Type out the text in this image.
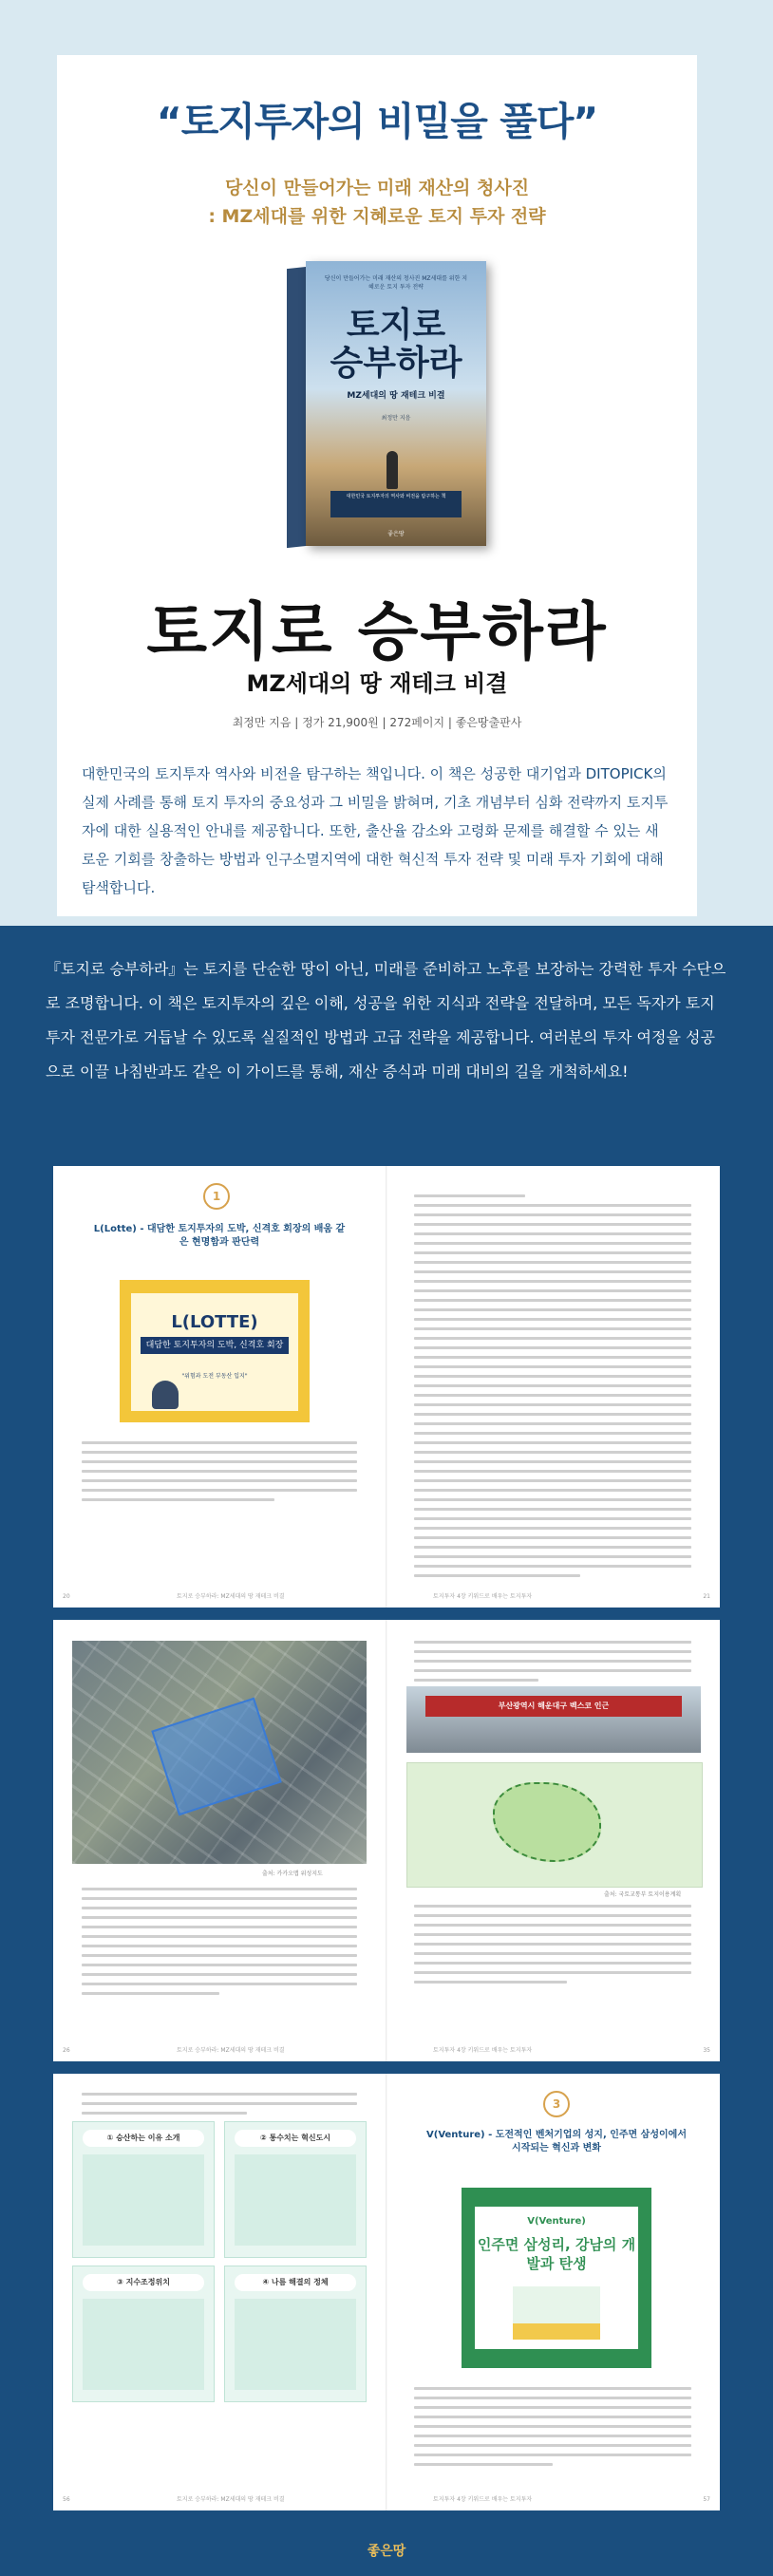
“토지투자의 비밀을 풀다”
당신이 만들어가는 미래 재산의 청사진
: MZ세대를 위한 지혜로운 토지 투자 전략
당신이 만들어가는 미래 재산의 청사진 MZ세대를 위한 지혜로운 토지 투자 전략
토지로
승부하라
MZ세대의 땅 재테크 비결
최정만 지음
대한민국 토지투자의 역사와 비전을 탐구하는 책
좋은땅
토지로 승부하라
MZ세대의 땅 재테크 비결
최정만 지음 | 정가 21,900원 | 272페이지 | 좋은땅출판사
대한민국의 토지투자 역사와 비전을 탐구하는 책입니다. 이 책은 성공한 대기업과 DITOPICK의 실제 사례를 통해 토지 투자의 중요성과 그 비밀을 밝혀며, 기초 개념부터 심화 전략까지 토지투자에 대한 실용적인 안내를 제공합니다. 또한, 출산율 감소와 고령화 문제를 해결할 수 있는 새로운 기회를 창출하는 방법과 인구소멸지역에 대한 혁신적 투자 전략 및 미래 투자 기회에 대해 탐색합니다.
『토지로 승부하라』는 토지를 단순한 땅이 아닌, 미래를 준비하고 노후를 보장하는 강력한 투자 수단으로 조명합니다. 이 책은 토지투자의 깊은 이해, 성공을 위한 지식과 전략을 전달하며, 모든 독자가 토지투자 전문가로 거듭날 수 있도록 실질적인 방법과 고급 전략을 제공합니다. 여러분의 투자 여정을 성공으로 이끌 나침반과도 같은 이 가이드를 통해, 재산 증식과 미래 대비의 길을 개척하세요!
1
L(Lotte) - 대담한 토지투자의 도박, 신격호 회장의 배움 같은 현명함과 판단력
L(LOTTE)
대담한 토지투자의 도박, 신격호 회장
"위험과 도전 부동산 입지"
20	토지로 승부하라: MZ세대의 땅 재테크 비결	토지투자 4장 키워드로 배우는 토지투자	21
출처: 카카오맵 위성지도
부산광역시 해운대구 벡스코 인근
출처: 국토교통부 토지이용계획
26	토지로 승부하라: MZ세대의 땅 재테크 비결	토지투자 4장 키워드로 배우는 토지투자	35
① 승산하는 이유 소개	② 통수치는 혁신도시
③ 지수조정위치	④ 나름 해결의 정체
3
V(Venture) - 도전적인 벤처기업의 성지, 인주면 삼성이에서 시작되는 혁신과 변화
V(Venture)
인주면 삼성리, 강남의 개발과 탄생
56	토지로 승부하라: MZ세대의 땅 재테크 비결	토지투자 4장 키워드로 배우는 토지투자	57
좋은땅
